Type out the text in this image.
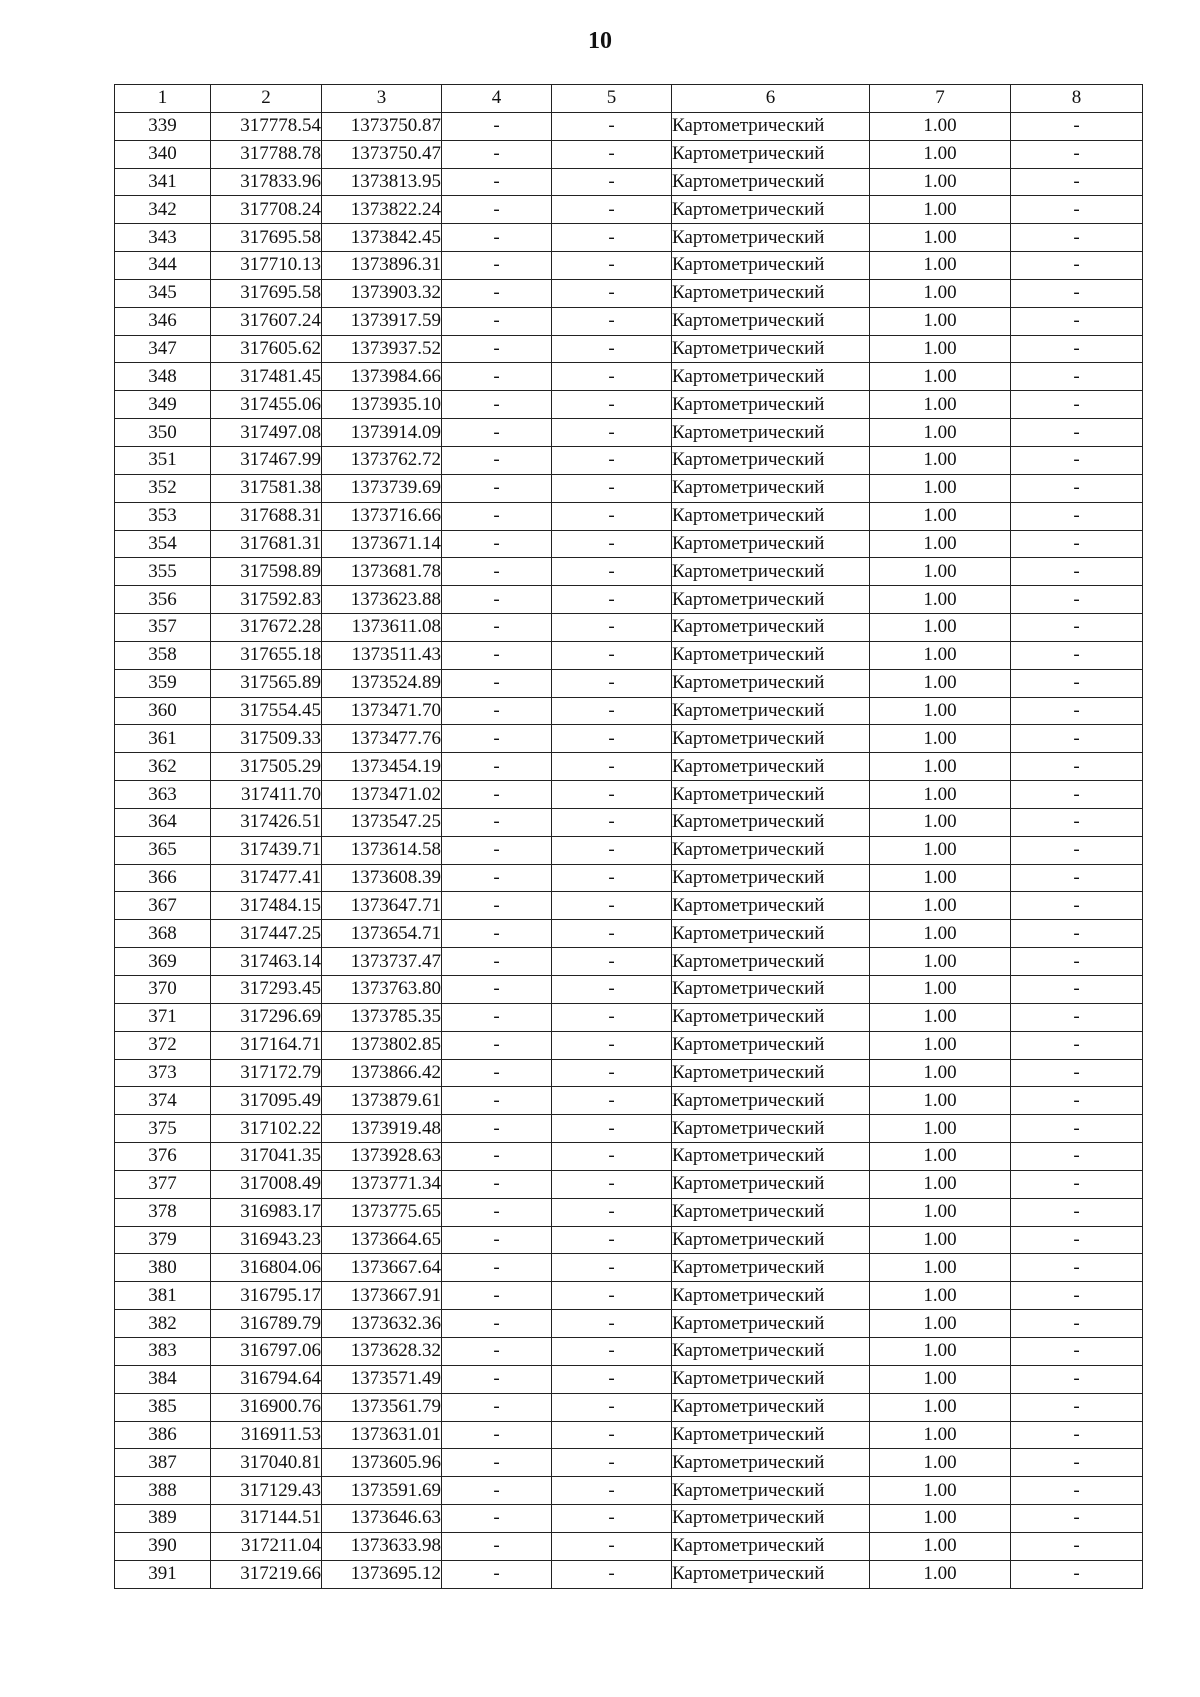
10
1	2	3	4	5	6	7	8
339	317778.54	1373750.87	-	-	Картометрический	1.00	-
340	317788.78	1373750.47	-	-	Картометрический	1.00	-
341	317833.96	1373813.95	-	-	Картометрический	1.00	-
342	317708.24	1373822.24	-	-	Картометрический	1.00	-
343	317695.58	1373842.45	-	-	Картометрический	1.00	-
344	317710.13	1373896.31	-	-	Картометрический	1.00	-
345	317695.58	1373903.32	-	-	Картометрический	1.00	-
346	317607.24	1373917.59	-	-	Картометрический	1.00	-
347	317605.62	1373937.52	-	-	Картометрический	1.00	-
348	317481.45	1373984.66	-	-	Картометрический	1.00	-
349	317455.06	1373935.10	-	-	Картометрический	1.00	-
350	317497.08	1373914.09	-	-	Картометрический	1.00	-
351	317467.99	1373762.72	-	-	Картометрический	1.00	-
352	317581.38	1373739.69	-	-	Картометрический	1.00	-
353	317688.31	1373716.66	-	-	Картометрический	1.00	-
354	317681.31	1373671.14	-	-	Картометрический	1.00	-
355	317598.89	1373681.78	-	-	Картометрический	1.00	-
356	317592.83	1373623.88	-	-	Картометрический	1.00	-
357	317672.28	1373611.08	-	-	Картометрический	1.00	-
358	317655.18	1373511.43	-	-	Картометрический	1.00	-
359	317565.89	1373524.89	-	-	Картометрический	1.00	-
360	317554.45	1373471.70	-	-	Картометрический	1.00	-
361	317509.33	1373477.76	-	-	Картометрический	1.00	-
362	317505.29	1373454.19	-	-	Картометрический	1.00	-
363	317411.70	1373471.02	-	-	Картометрический	1.00	-
364	317426.51	1373547.25	-	-	Картометрический	1.00	-
365	317439.71	1373614.58	-	-	Картометрический	1.00	-
366	317477.41	1373608.39	-	-	Картометрический	1.00	-
367	317484.15	1373647.71	-	-	Картометрический	1.00	-
368	317447.25	1373654.71	-	-	Картометрический	1.00	-
369	317463.14	1373737.47	-	-	Картометрический	1.00	-
370	317293.45	1373763.80	-	-	Картометрический	1.00	-
371	317296.69	1373785.35	-	-	Картометрический	1.00	-
372	317164.71	1373802.85	-	-	Картометрический	1.00	-
373	317172.79	1373866.42	-	-	Картометрический	1.00	-
374	317095.49	1373879.61	-	-	Картометрический	1.00	-
375	317102.22	1373919.48	-	-	Картометрический	1.00	-
376	317041.35	1373928.63	-	-	Картометрический	1.00	-
377	317008.49	1373771.34	-	-	Картометрический	1.00	-
378	316983.17	1373775.65	-	-	Картометрический	1.00	-
379	316943.23	1373664.65	-	-	Картометрический	1.00	-
380	316804.06	1373667.64	-	-	Картометрический	1.00	-
381	316795.17	1373667.91	-	-	Картометрический	1.00	-
382	316789.79	1373632.36	-	-	Картометрический	1.00	-
383	316797.06	1373628.32	-	-	Картометрический	1.00	-
384	316794.64	1373571.49	-	-	Картометрический	1.00	-
385	316900.76	1373561.79	-	-	Картометрический	1.00	-
386	316911.53	1373631.01	-	-	Картометрический	1.00	-
387	317040.81	1373605.96	-	-	Картометрический	1.00	-
388	317129.43	1373591.69	-	-	Картометрический	1.00	-
389	317144.51	1373646.63	-	-	Картометрический	1.00	-
390	317211.04	1373633.98	-	-	Картометрический	1.00	-
391	317219.66	1373695.12	-	-	Картометрический	1.00	-
